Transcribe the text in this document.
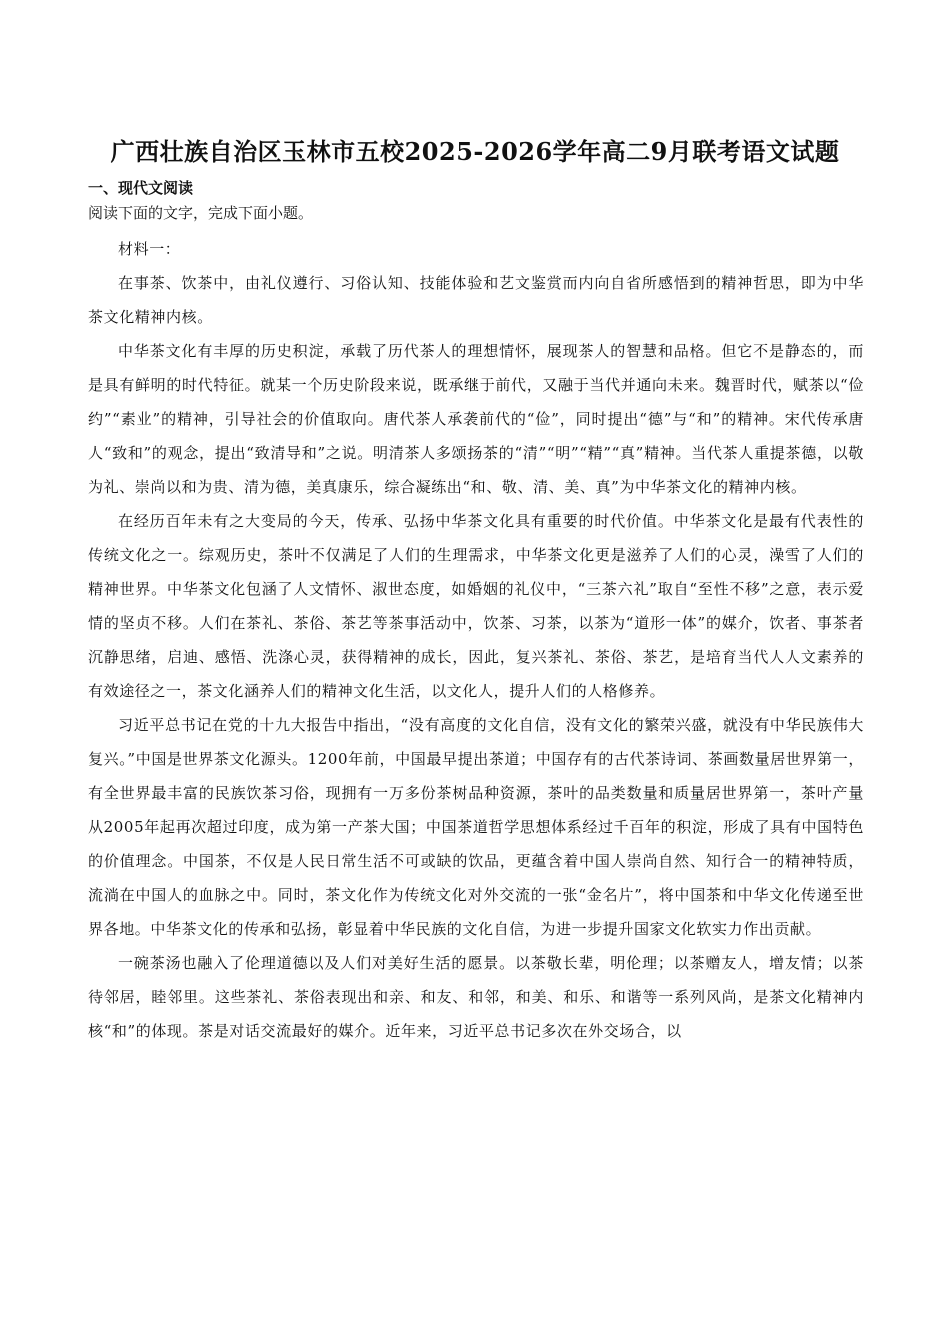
广西壮族自治区玉林市五校2025-2026学年高二9月联考语文试题
一、现代文阅读

阅读下面的文字，完成下面小题。

材料一：

在事茶、饮茶中，由礼仪遵行、习俗认知、技能体验和艺文鉴赏而内向自省所感悟到的精神哲思，即为中华茶文化精神内核。

中华茶文化有丰厚的历史积淀，承载了历代茶人的理想情怀，展现茶人的智慧和品格。但它不是静态的，而是具有鲜明的时代特征。就某一个历史阶段来说，既承继于前代，又融于当代并通向未来。魏晋时代，赋茶以“俭约”“素业”的精神，引导社会的价值取向。唐代茶人承袭前代的“俭”，同时提出“德”与“和”的精神。宋代传承唐人“致和”的观念，提出“致清导和”之说。明清茶人多颂扬茶的“清”“明”“精”“真”精神。当代茶人重提茶德，以敬为礼、崇尚以和为贵、清为德，美真康乐，综合凝练出“和、敬、清、美、真”为中华茶文化的精神内核。

在经历百年未有之大变局的今天，传承、弘扬中华茶文化具有重要的时代价值。中华茶文化是最有代表性的传统文化之一。综观历史，茶叶不仅满足了人们的生理需求，中华茶文化更是滋养了人们的心灵，澡雪了人们的精神世界。中华茶文化包涵了人文情怀、淑世态度，如婚姻的礼仪中，“三茶六礼”取自“至性不移”之意，表示爱情的坚贞不移。人们在茶礼、茶俗、茶艺等茶事活动中，饮茶、习茶，以茶为“道形一体”的媒介，饮者、事茶者沉静思绪，启迪、感悟、洗涤心灵，获得精神的成长，因此，复兴茶礼、茶俗、茶艺，是培育当代人人文素养的有效途径之一，茶文化涵养人们的精神文化生活，以文化人，提升人们的人格修养。

习近平总书记在党的十九大报告中指出，“没有高度的文化自信，没有文化的繁荣兴盛，就没有中华民族伟大复兴。”中国是世界茶文化源头。1200年前，中国最早提出茶道；中国存有的古代茶诗词、茶画数量居世界第一，有全世界最丰富的民族饮茶习俗，现拥有一万多份茶树品种资源，茶叶的品类数量和质量居世界第一，茶叶产量从2005年起再次超过印度，成为第一产茶大国；中国茶道哲学思想体系经过千百年的积淀，形成了具有中国特色的价值理念。中国茶，不仅是人民日常生活不可或缺的饮品，更蕴含着中国人崇尚自然、知行合一的精神特质，流淌在中国人的血脉之中。同时，茶文化作为传统文化对外交流的一张“金名片”，将中国茶和中华文化传递至世界各地。中华茶文化的传承和弘扬，彰显着中华民族的文化自信，为进一步提升国家文化软实力作出贡献。

一碗茶汤也融入了伦理道德以及人们对美好生活的愿景。以茶敬长辈，明伦理；以茶赠友人，增友情；以茶待邻居，睦邻里。这些茶礼、茶俗表现出和亲、和友、和邻，和美、和乐、和谐等一系列风尚，是茶文化精神内核“和”的体现。茶是对话交流最好的媒介。近年来，习近平总书记多次在外交场合，以
